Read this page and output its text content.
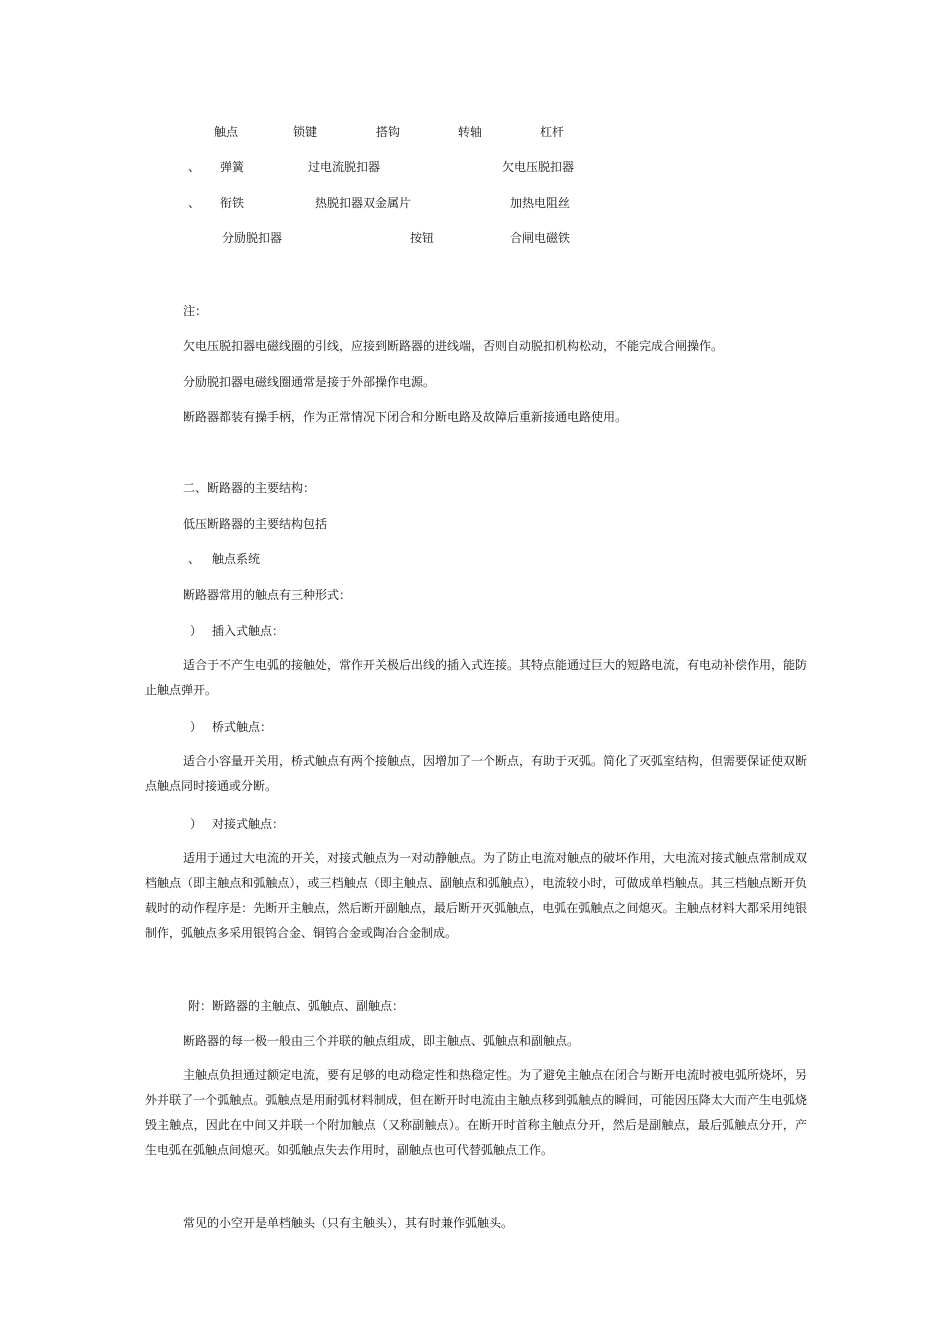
触点	锁键	搭钩	转轴	杠杆
、 弹簧	过电流脱扣器	欠电压脱扣器
、 衔铁	热脱扣器双金属片	加热电阻丝
分励脱扣器	按钮	合闸电磁铁
注：
欠电压脱扣器电磁线圈的引线，应接到断路器的进线端，否则自动脱扣机构松动，不能完成合闸操作。
分励脱扣器电磁线圈通常是接于外部操作电源。
断路器都装有操手柄，作为正常情况下闭合和分断电路及故障后重新接通电路使用。
二、断路器的主要结构：
低压断路器的主要结构包括
、 触点系统
断路器常用的触点有三种形式：
） 插入式触点：
适合于不产生电弧的接触处，常作开关极后出线的插入式连接。其特点能通过巨大的短路电流，有电动补偿作用，能防止触点弹开。
） 桥式触点：
适合小容量开关用，桥式触点有两个接触点，因增加了一个断点，有助于灭弧。简化了灭弧室结构，但需要保证使双断点触点同时接通或分断。
） 对接式触点：
适用于通过大电流的开关，对接式触点为一对动静触点。为了防止电流对触点的破坏作用，大电流对接式触点常制成双档触点（即主触点和弧触点），或三档触点（即主触点、副触点和弧触点），电流较小时，可做成单档触点。其三档触点断开负载时的动作程序是：先断开主触点，然后断开副触点，最后断开灭弧触点，电弧在弧触点之间熄灭。主触点材料大都采用纯银制作，弧触点多采用银钨合金、铜钨合金或陶冶合金制成。
附：断路器的主触点、弧触点、副触点：
断路器的每一极一般由三个并联的触点组成，即主触点、弧触点和副触点。
主触点负担通过额定电流，要有足够的电动稳定性和热稳定性。为了避免主触点在闭合与断开电流时被电弧所烧坏，另外并联了一个弧触点。弧触点是用耐弧材料制成，但在断开时电流由主触点移到弧触点的瞬间，可能因压降太大而产生电弧烧毁主触点，因此在中间又并联一个附加触点（又称副触点）。在断开时首称主触点分开，然后是副触点，最后弧触点分开，产生电弧在弧触点间熄灭。如弧触点失去作用时，副触点也可代替弧触点工作。
常见的小空开是单档触头（只有主触头），其有时兼作弧触头。
